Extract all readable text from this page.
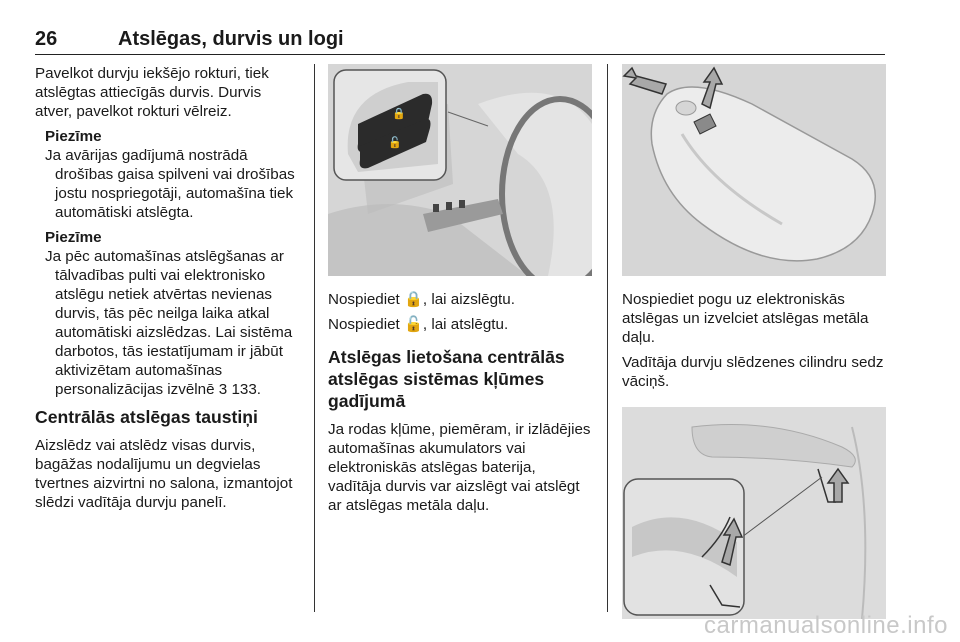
26	Atslēgas, durvis un logi

Pavelkot durvju iekšējo rokturi, tiek atslēgtas attiecīgās durvis. Durvis atver, pavelkot rokturi vēlreiz.

Piezīme

Ja avārijas gadījumā nostrādā drošības gaisa spilveni vai drošības jostu nospriegotāji, automašīna tiek automātiski atslēgta.

Piezīme

Ja pēc automašīnas atslēgšanas ar tālvadības pulti vai elektronisko atslēgu netiek atvērtas nevienas durvis, tās pēc neilga laika atkal automātiski aizslēdzas. Lai sistēma darbotos, tās iestatījumam ir jābūt aktivizētam automašīnas personalizācijas izvēlnē 3 133.

Centrālās atslēgas taustiņi

Aizslēdz vai atslēdz visas durvis, bagāžas nodalījumu un degvielas tvertnes aizvirtni no salona, izmantojot slēdzi vadītāja durvju panelī.

🔒
🔓

Nospiediet 🔒, lai aizslēgtu.

Nospiediet 🔓, lai atslēgtu.

Atslēgas lietošana centrālās atslēgas sistēmas kļūmes gadījumā

Ja rodas kļūme, piemēram, ir izlādējies automašīnas akumulators vai elektroniskās atslēgas baterija, vadītāja durvis var aizslēgt vai atslēgt ar atslēgas metāla daļu.

Nospiediet pogu uz elektroniskās atslēgas un izvelciet atslēgas metāla daļu.

Vadītāja durvju slēdzenes cilindru sedz vāciņš.

carmanualsonline.info
